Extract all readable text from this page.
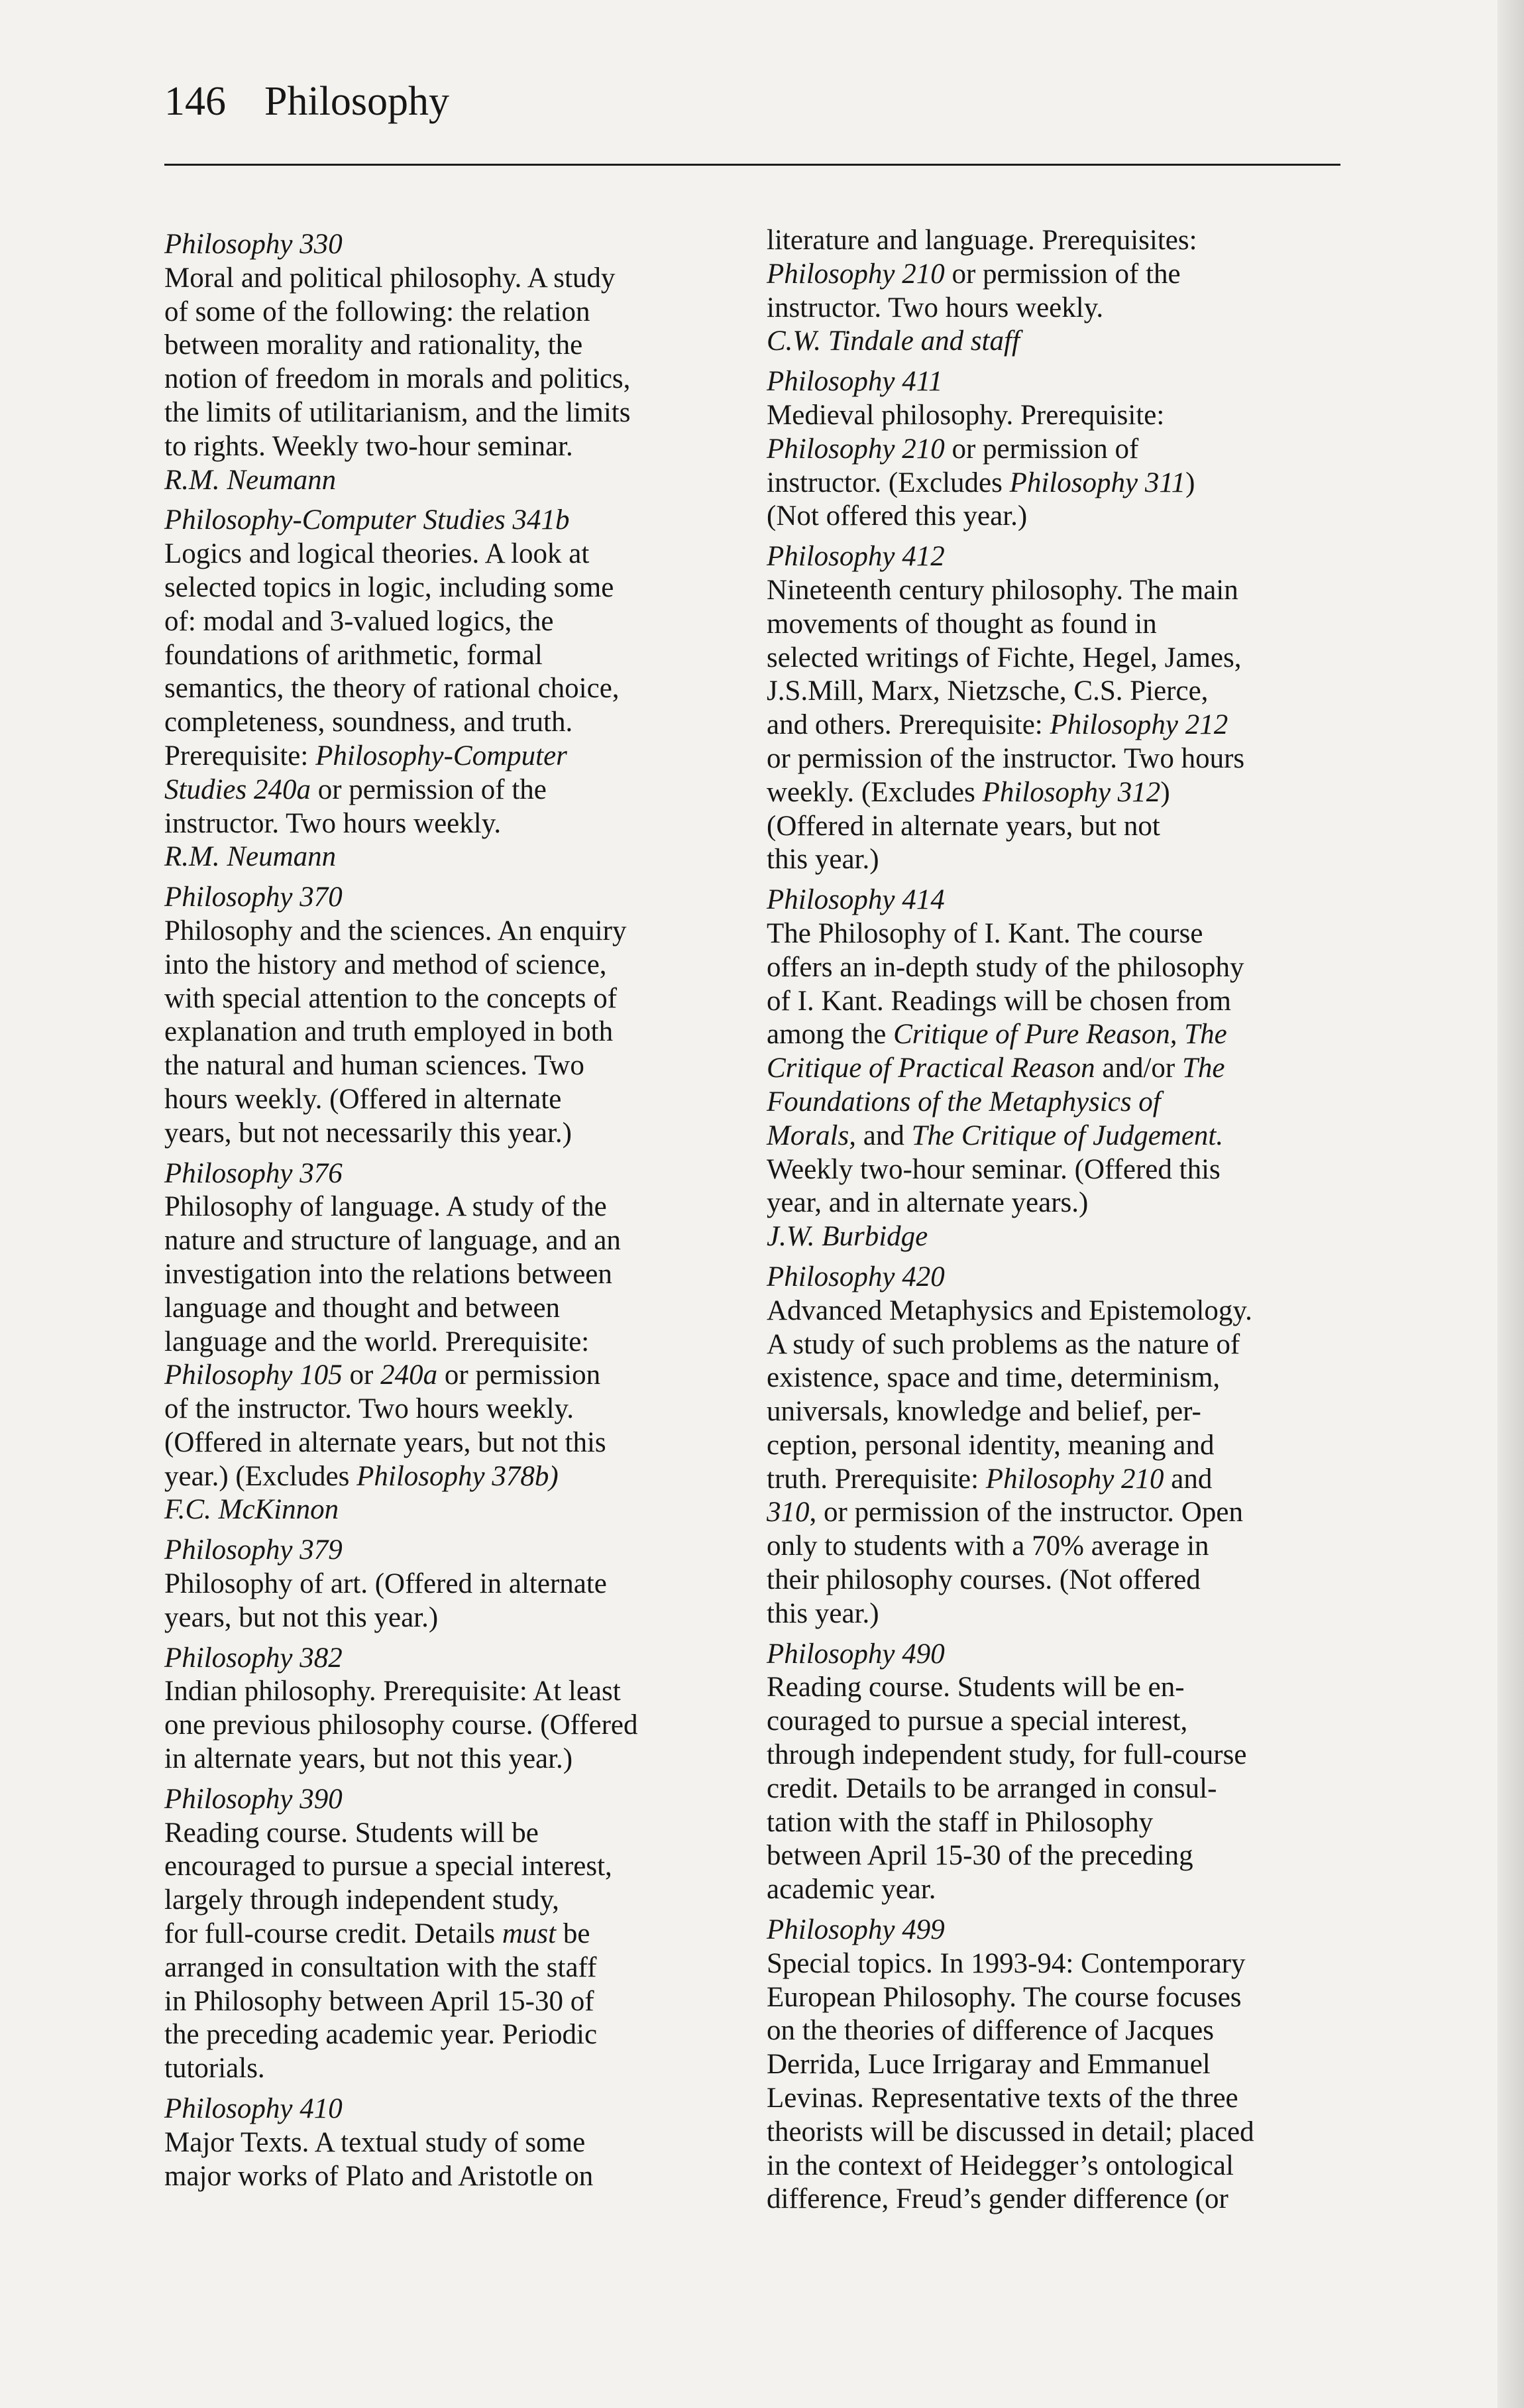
146 Philosophy
Philosophy 330
Moral and political philosophy. A study
of some of the following: the relation
between morality and rationality, the
notion of freedom in morals and politics,
the limits of utilitarianism, and the limits
to rights. Weekly two-hour seminar.
R.M. Neumann
Philosophy-Computer Studies 341b
Logics and logical theories. A look at
selected topics in logic, including some
of: modal and 3-valued logics, the
foundations of arithmetic, formal
semantics, the theory of rational choice,
completeness, soundness, and truth.
Prerequisite: Philosophy-Computer
Studies 240a or permission of the
instructor. Two hours weekly.
R.M. Neumann
Philosophy 370
Philosophy and the sciences. An enquiry
into the history and method of science,
with special attention to the concepts of
explanation and truth employed in both
the natural and human sciences. Two
hours weekly. (Offered in alternate
years, but not necessarily this year.)
Philosophy 376
Philosophy of language. A study of the
nature and structure of language, and an
investigation into the relations between
language and thought and between
language and the world. Prerequisite:
Philosophy 105 or 240a or permission
of the instructor. Two hours weekly.
(Offered in alternate years, but not this
year.) (Excludes Philosophy 378b)
F.C. McKinnon
Philosophy 379
Philosophy of art. (Offered in alternate
years, but not this year.)
Philosophy 382
Indian philosophy. Prerequisite: At least
one previous philosophy course. (Offered
in alternate years, but not this year.)
Philosophy 390
Reading course. Students will be
encouraged to pursue a special interest,
largely through independent study,
for full-course credit. Details must be
arranged in consultation with the staff
in Philosophy between April 15-30 of
the preceding academic year. Periodic
tutorials.
Philosophy 410
Major Texts. A textual study of some
major works of Plato and Aristotle on
literature and language. Prerequisites:
Philosophy 210 or permission of the
instructor. Two hours weekly.
C.W. Tindale and staff
Philosophy 411
Medieval philosophy. Prerequisite:
Philosophy 210 or permission of
instructor. (Excludes Philosophy 311)
(Not offered this year.)
Philosophy 412
Nineteenth century philosophy. The main
movements of thought as found in
selected writings of Fichte, Hegel, James,
J.S.Mill, Marx, Nietzsche, C.S. Pierce,
and others. Prerequisite: Philosophy 212
or permission of the instructor. Two hours
weekly. (Excludes Philosophy 312)
(Offered in alternate years, but not
this year.)
Philosophy 414
The Philosophy of I. Kant. The course
offers an in-depth study of the philosophy
of I. Kant. Readings will be chosen from
among the Critique of Pure Reason, The
Critique of Practical Reason and/or The
Foundations of the Metaphysics of
Morals, and The Critique of Judgement.
Weekly two-hour seminar. (Offered this
year, and in alternate years.)
J.W. Burbidge
Philosophy 420
Advanced Metaphysics and Epistemology.
A study of such problems as the nature of
existence, space and time, determinism,
universals, knowledge and belief, per-
ception, personal identity, meaning and
truth. Prerequisite: Philosophy 210 and
310, or permission of the instructor. Open
only to students with a 70% average in
their philosophy courses. (Not offered
this year.)
Philosophy 490
Reading course. Students will be en-
couraged to pursue a special interest,
through independent study, for full-course
credit. Details to be arranged in consul-
tation with the staff in Philosophy
between April 15-30 of the preceding
academic year.
Philosophy 499
Special topics. In 1993-94: Contemporary
European Philosophy. The course focuses
on the theories of difference of Jacques
Derrida, Luce Irrigaray and Emmanuel
Levinas. Representative texts of the three
theorists will be discussed in detail; placed
in the context of Heidegger’s ontological
difference, Freud’s gender difference (or
